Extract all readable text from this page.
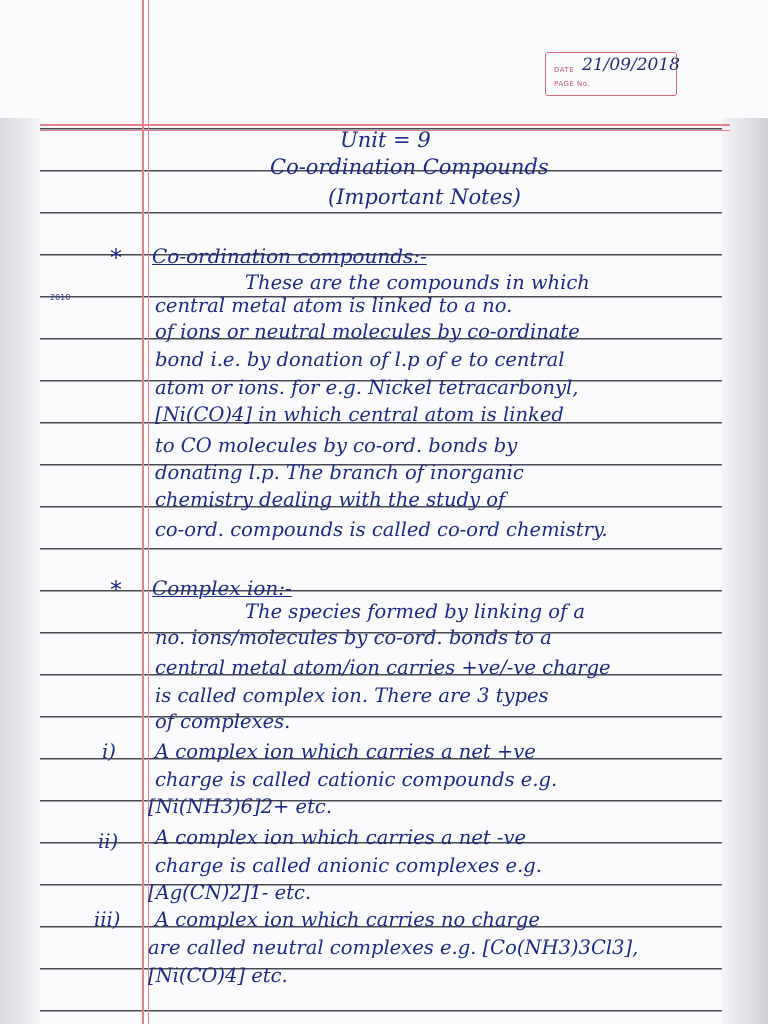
DATE
PAGE No.
21/09/2018
2010
Unit = 9
Co-ordination Compounds
(Important Notes)
* Co-ordination compounds:-
These are the compounds in which
central metal atom is linked to a no.
of ions or neutral molecules by co-ordinate
bond i.e. by donation of l.p of e to central
atom or ions. for e.g. Nickel tetracarbonyl,
[Ni(CO)4] in which central atom is linked
to CO molecules by co-ord. bonds by
donating l.p. The branch of inorganic
chemistry dealing with the study of
co-ord. compounds is called co-ord chemistry.
* Complex ion:-
The species formed by linking of a
no. ions/molecules by co-ord. bonds to a
central metal atom/ion carries +ve/-ve charge
is called complex ion. There are 3 types
of complexes.
i) A complex ion which carries a net +ve
charge is called cationic compounds e.g.
[Ni(NH3)6]2+ etc.
ii) A complex ion which carries a net -ve
charge is called anionic complexes e.g.
[Ag(CN)2]1- etc.
iii) A complex ion which carries no charge
are called neutral complexes e.g. [Co(NH3)3Cl3],
[Ni(CO)4] etc.
